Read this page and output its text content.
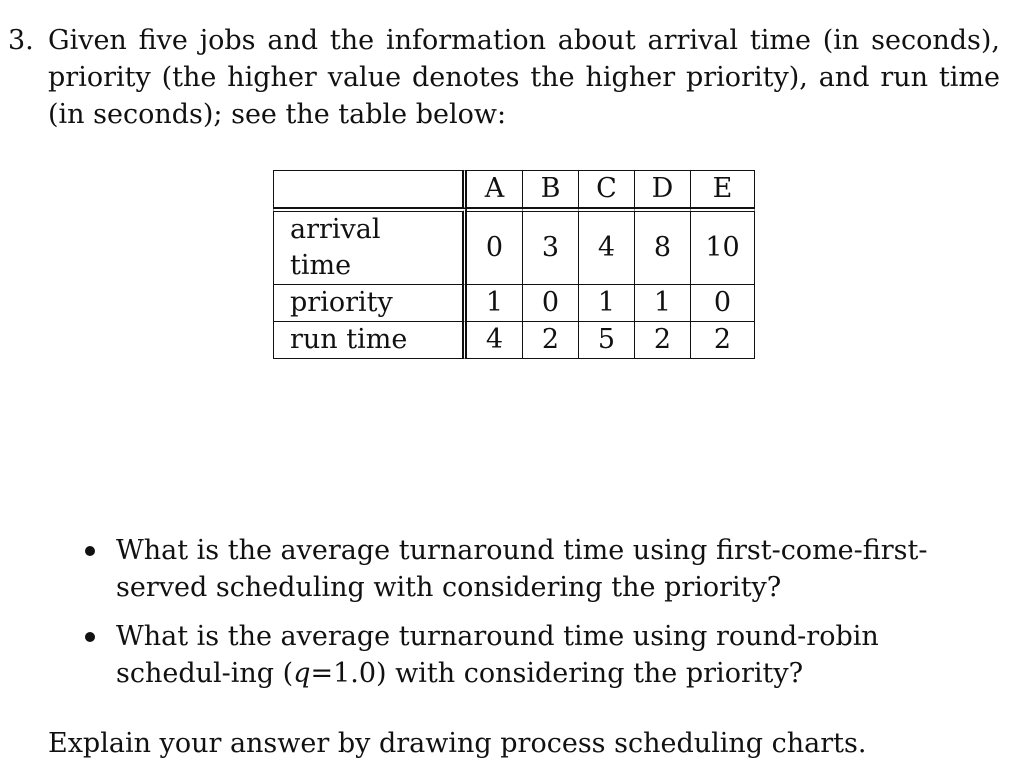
3. Given five jobs and the information about arrival time (in seconds), priority (the higher value denotes the higher priority), and run time (in seconds); see the table below:
	A	B	C	D	E
arrival time	0	3	4	8	10
priority	1	0	1	1	0
run time	4	2	5	2	2
What is the average turnaround time using first-come-first-served scheduling with considering the priority?
What is the average turnaround time using round-robin schedul-ing (q=1.0) with considering the priority?
Explain your answer by drawing process scheduling charts.
